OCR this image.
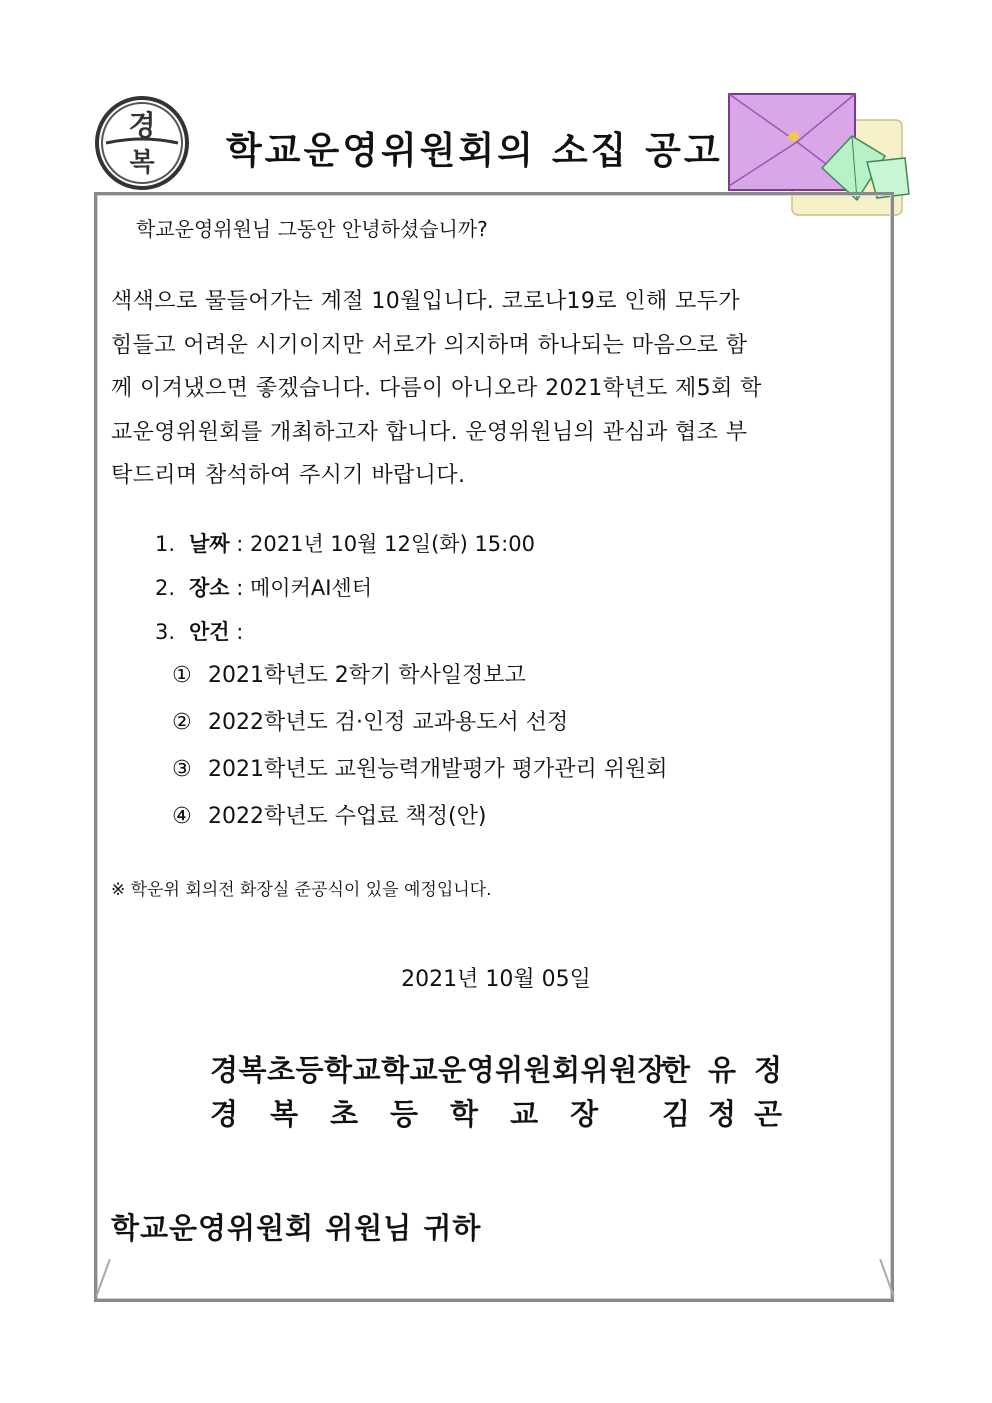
경
복 학교운영위원회의 소집 공고
학교운영위원님 그동안 안녕하셨습니까?
색색으로 물들어가는 계절 10월입니다. 코로나19로 인해 모두가
힘들고 어려운 시기이지만 서로가 의지하며 하나되는 마음으로 함
께 이겨냈으면 좋겠습니다. 다름이 아니오라 2021학년도 제5회 학
교운영위원회를 개최하고자 합니다. 운영위원님의 관심과 협조 부
탁드리며 참석하여 주시기 바랍니다.
1. 날짜 : 2021년 10월 12일(화) 15:00
2. 장소 : 메이커AI센터
3. 안건 :
① 2021학년도 2학기 학사일정보고
② 2022학년도 검·인정 교과용도서 선정
③ 2021학년도 교원능력개발평가 평가관리 위원회
④ 2022학년도 수업료 책정(안)
※ 학운위 회의전 화장실 준공식이 있을 예정입니다.
2021년 10월 05일
경복초등학교학교운영위원회위원장
한유정
경복초등학교장 김정곤
학교운영위원회 위원님 귀하
